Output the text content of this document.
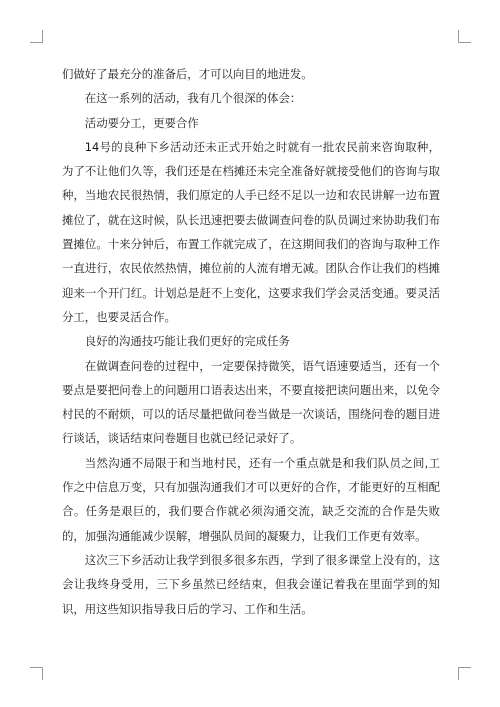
们做好了最充分的准备后，才可以向目的地进发。

在这一系列的活动，我有几个很深的体会：

活动要分工，更要合作

14号的良种下乡活动还未正式开始之时就有一批农民前来咨询取种，为了不让他们久等，我们还是在档摊还未完全准备好就接受他们的咨询与取种，当地农民很热情，我们原定的人手已经不足以一边和农民讲解一边布置摊位了，就在这时候，队长迅速把要去做调查问卷的队员调过来协助我们布置摊位。十来分钟后，布置工作就完成了，在这期间我们的咨询与取种工作一直进行，农民依然热情，摊位前的人流有增无减。团队合作让我们的档摊迎来一个开门红。计划总是赶不上变化，这要求我们学会灵活变通。要灵活分工，也要灵活合作。

良好的沟通技巧能让我们更好的完成任务

在做调查问卷的过程中，一定要保持微笑，语气语速要适当，还有一个要点是要把问卷上的问题用口语表达出来，不要直接把读问题出来，以免令村民的不耐烦，可以的话尽量把做问卷当做是一次谈话，围绕问卷的题目进行谈话，谈话结束问卷题目也就已经记录好了。

当然沟通不局限于和当地村民，还有一个重点就是和我们队员之间,工作之中信息万变，只有加强沟通我们才可以更好的合作，才能更好的互相配合。任务是艰巨的，我们要合作就必须沟通交流，缺乏交流的合作是失败的，加强沟通能减少误解，增强队员间的凝聚力，让我们工作更有效率。

这次三下乡活动让我学到很多很多东西，学到了很多课堂上没有的，这会让我终身受用，三下乡虽然已经结束，但我会谨记着我在里面学到的知识，用这些知识指导我日后的学习、工作和生活。
